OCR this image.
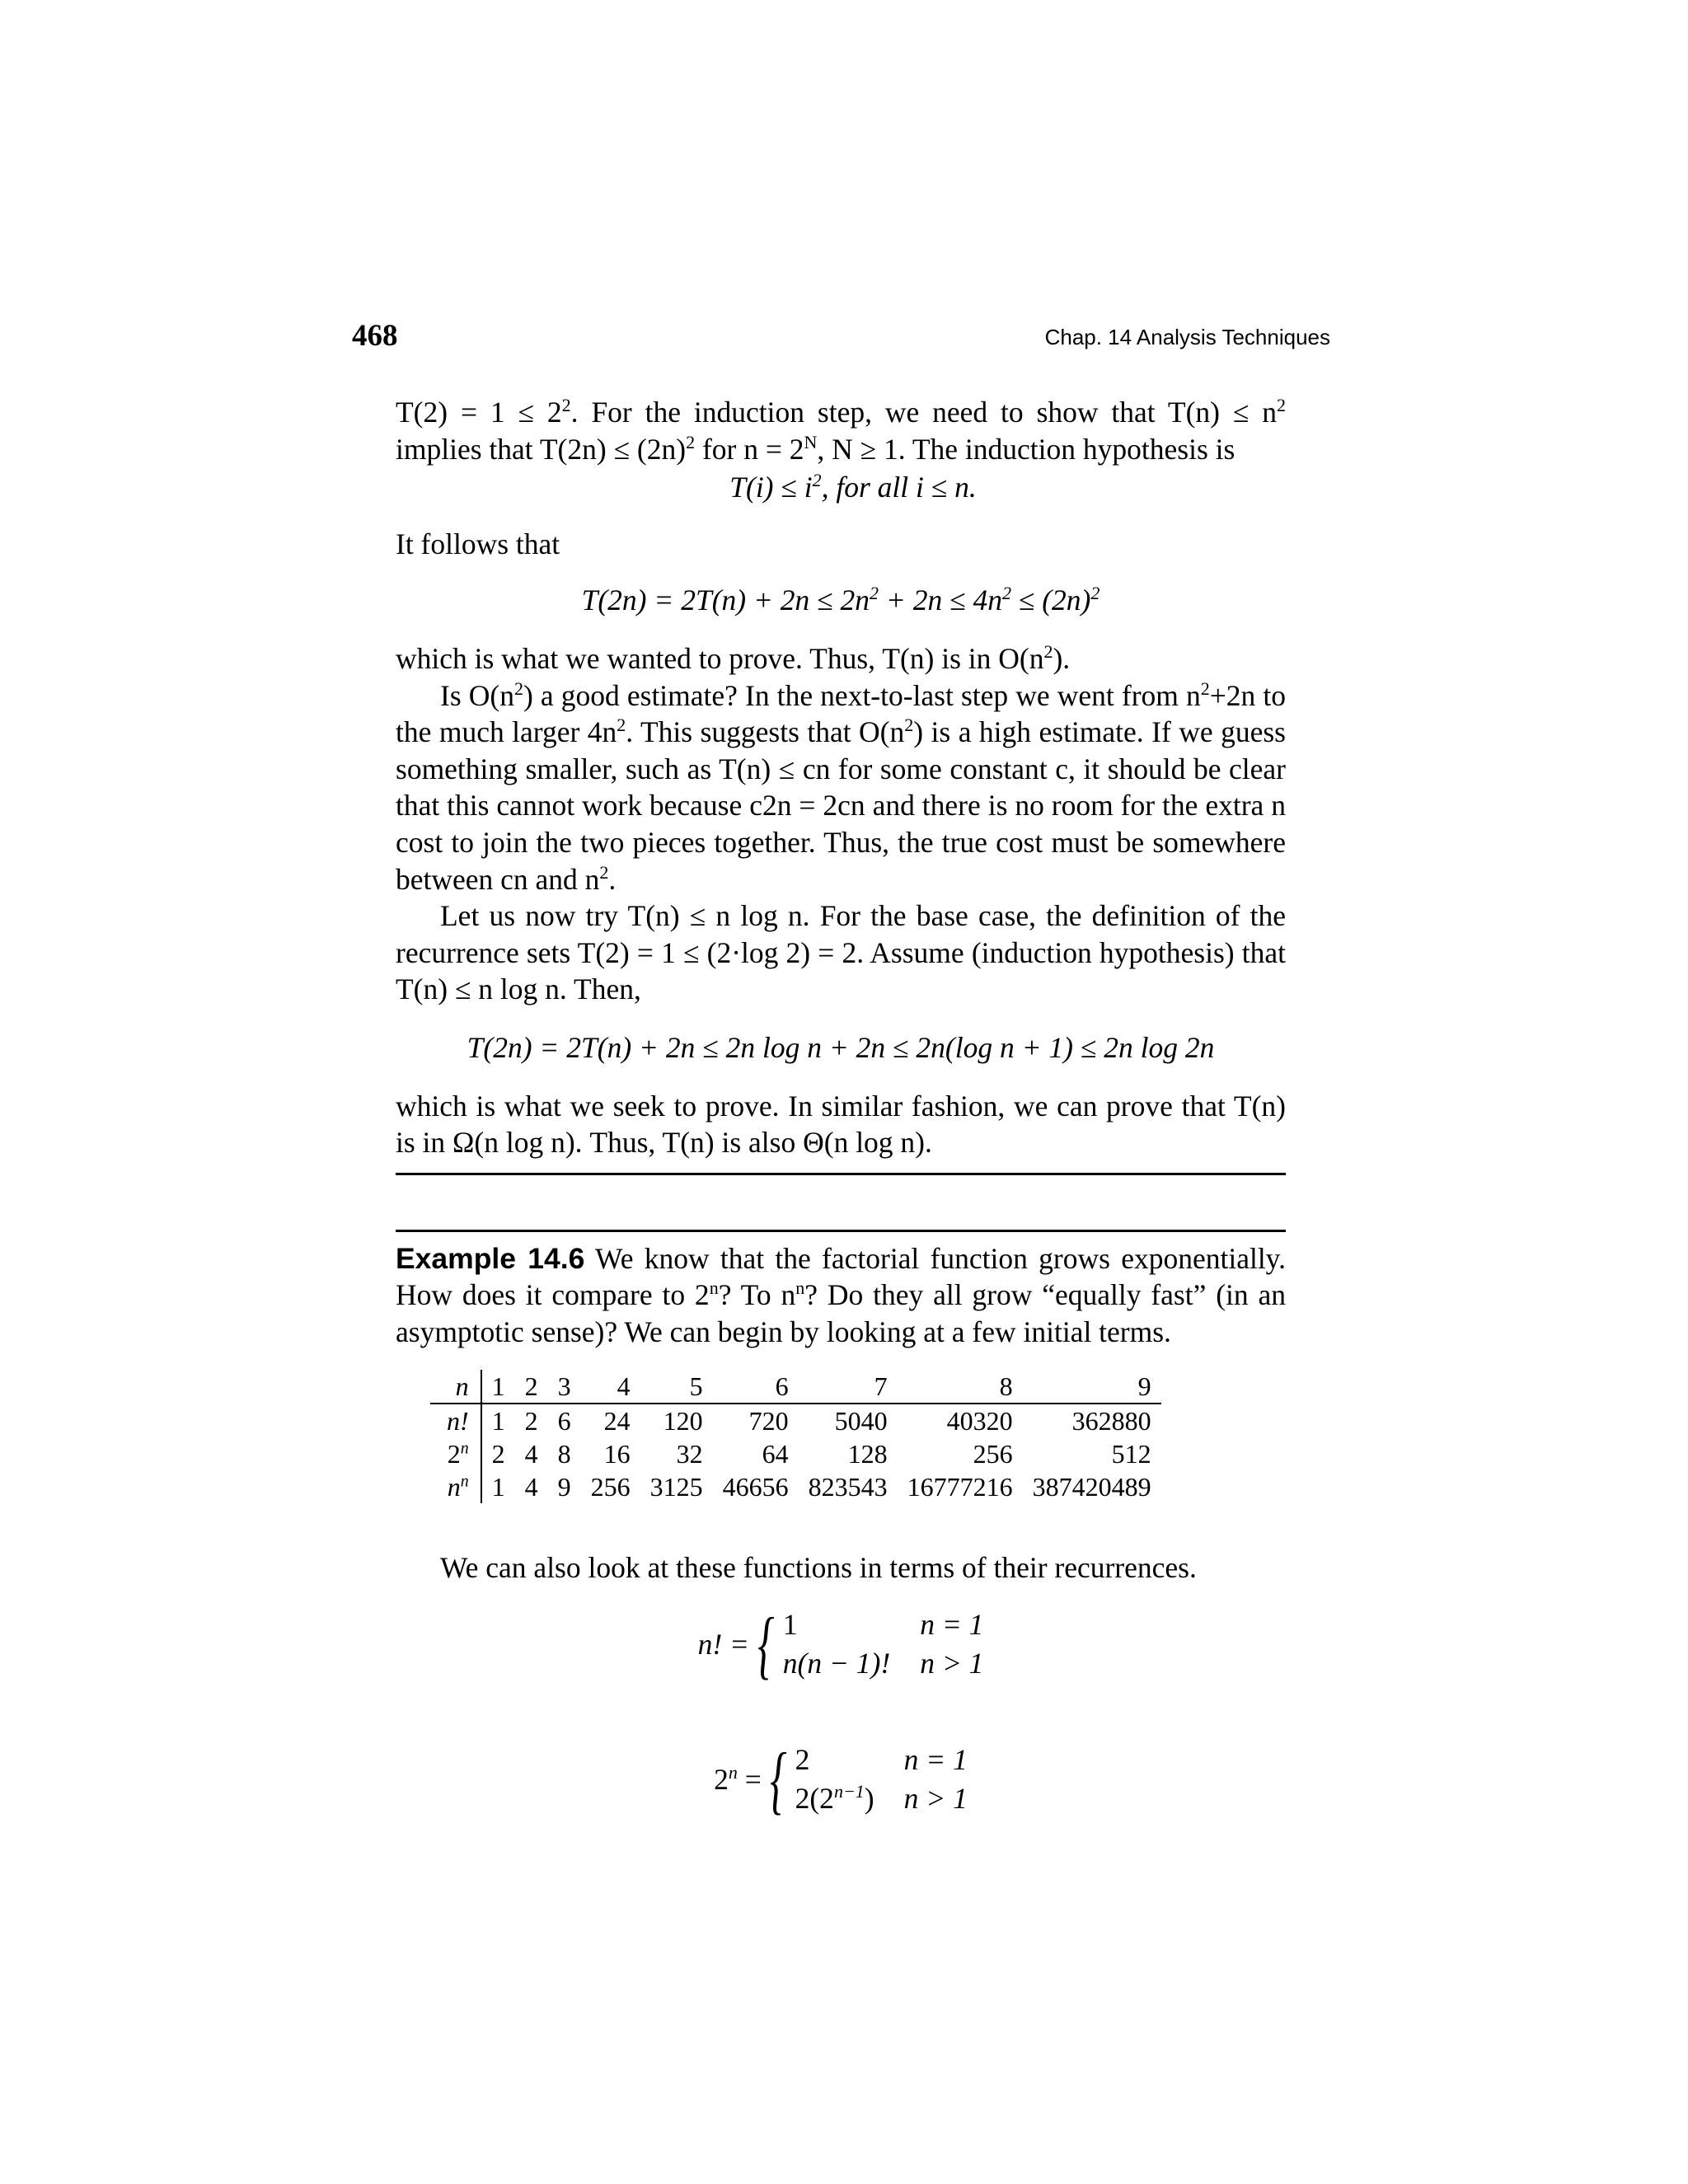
468	Chap. 14 Analysis Techniques

$T(2) = 1 \le 2^2$. For the induction step, we need to show that $T(n) \le n^2$ implies that $T(2n) \le (2n)^2$ for $n = 2^N$, N ≥ 1. The induction hypothesis is

$T(i) \le i^2$, for all i ≤ n.

It follows that

$T(2n) = 2T(n) + 2n \le 2n^2 + 2n \le 4n^2 \le (2n)^2$

which is what we wanted to prove. Thus, T(n) is in $O(n^2)$.

Is $O(n^2)$ a good estimate? In the next-to-last step we went from $n^2+2n$ to the much larger $4n^2$. This suggests that $O(n^2)$ is a high estimate. If we guess something smaller, such as T(n) ≤ cn for some constant c, it should be clear that this cannot work because c2n = 2cn and there is no room for the extra n cost to join the two pieces together. Thus, the true cost must be somewhere between cn and $n^2$.

Let us now try T(n) ≤ n log n. For the base case, the definition of the recurrence sets T(2) = 1 ≤ (2·log 2) = 2. Assume (induction hypothesis) that T(n) ≤ n log n. Then,

T(2n) = 2T(n) + 2n ≤ 2n log n + 2n ≤ 2n(log n + 1) ≤ 2n log 2n

which is what we seek to prove. In similar fashion, we can prove that T(n) is in Ω(n log n). Thus, T(n) is also Θ(n log n).

Example 14.6 We know that the factorial function grows exponentially. How does it compare to 2$^n$? To $n^n$? Do they all grow “equally fast” (in an asymptotic sense)? We can begin by looking at a few initial terms.

n	1	2	3	4	5	6	7	8	9
n!	1	2	6	24	120	720	5040	40320	362880
2$^n$	2	4	8	16	32	64	128	256	512
$n^n$	1	4	9	256	3125	46656	823543	16777216	387420489

We can also look at these functions in terms of their recurrences.

n! = { 1	n = 1
n(n − 1)! n > 1
$2^n$ = { 2	n = 1
$2(2^{n-1}) n > 1$
